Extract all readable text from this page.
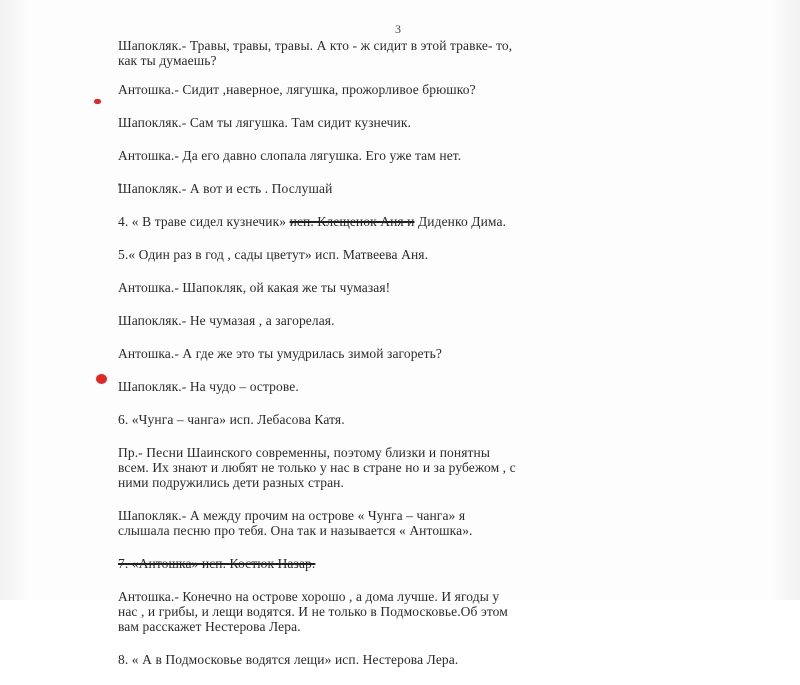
3

Шапокляк.- Травы, травы, травы. А кто - ж сидит в этой травке- то,
как ты думаешь?

Антошка.- Сидит ,наверное, лягушка, прожорливое брюшко?

Шапокляк.- Сам ты лягушка. Там сидит кузнечик.

Антошка.- Да его давно слопала лягушка. Его уже там нет.

Шапокляк.- А вот и есть . Послушай

4. « В траве сидел кузнечик» исп. Клещенок Аня и Диденко Дима.

5.« Один раз в год , сады цветут» исп. Матвеева Аня.

Антошка.- Шапокляк, ой какая же ты чумазая!

Шапокляк.- Не чумазая , а загорелая.

Антошка.- А где же это ты умудрилась зимой загореть?

Шапокляк.- На чудо – острове.

6. «Чунга – чанга» исп. Лебасова Катя.

Пр.- Песни Шаинского современны, поэтому близки и понятны
всем. Их знают и любят не только у нас в стране но и за рубежом , с
ними подружились дети разных стран.

Шапокляк.- А между прочим на острове « Чунга – чанга» я
слышала песню про тебя. Она так и называется « Антошка».

7. «Антошка» исп. Костюк Назар.

Антошка.- Конечно на острове хорошо , а дома лучше. И ягоды у
нас , и грибы, и лещи водятся. И не только в Подмосковье.Об этом
вам расскажет Нестерова Лера.

8. « А в Подмосковье водятся лещи» исп. Нестерова Лера.
